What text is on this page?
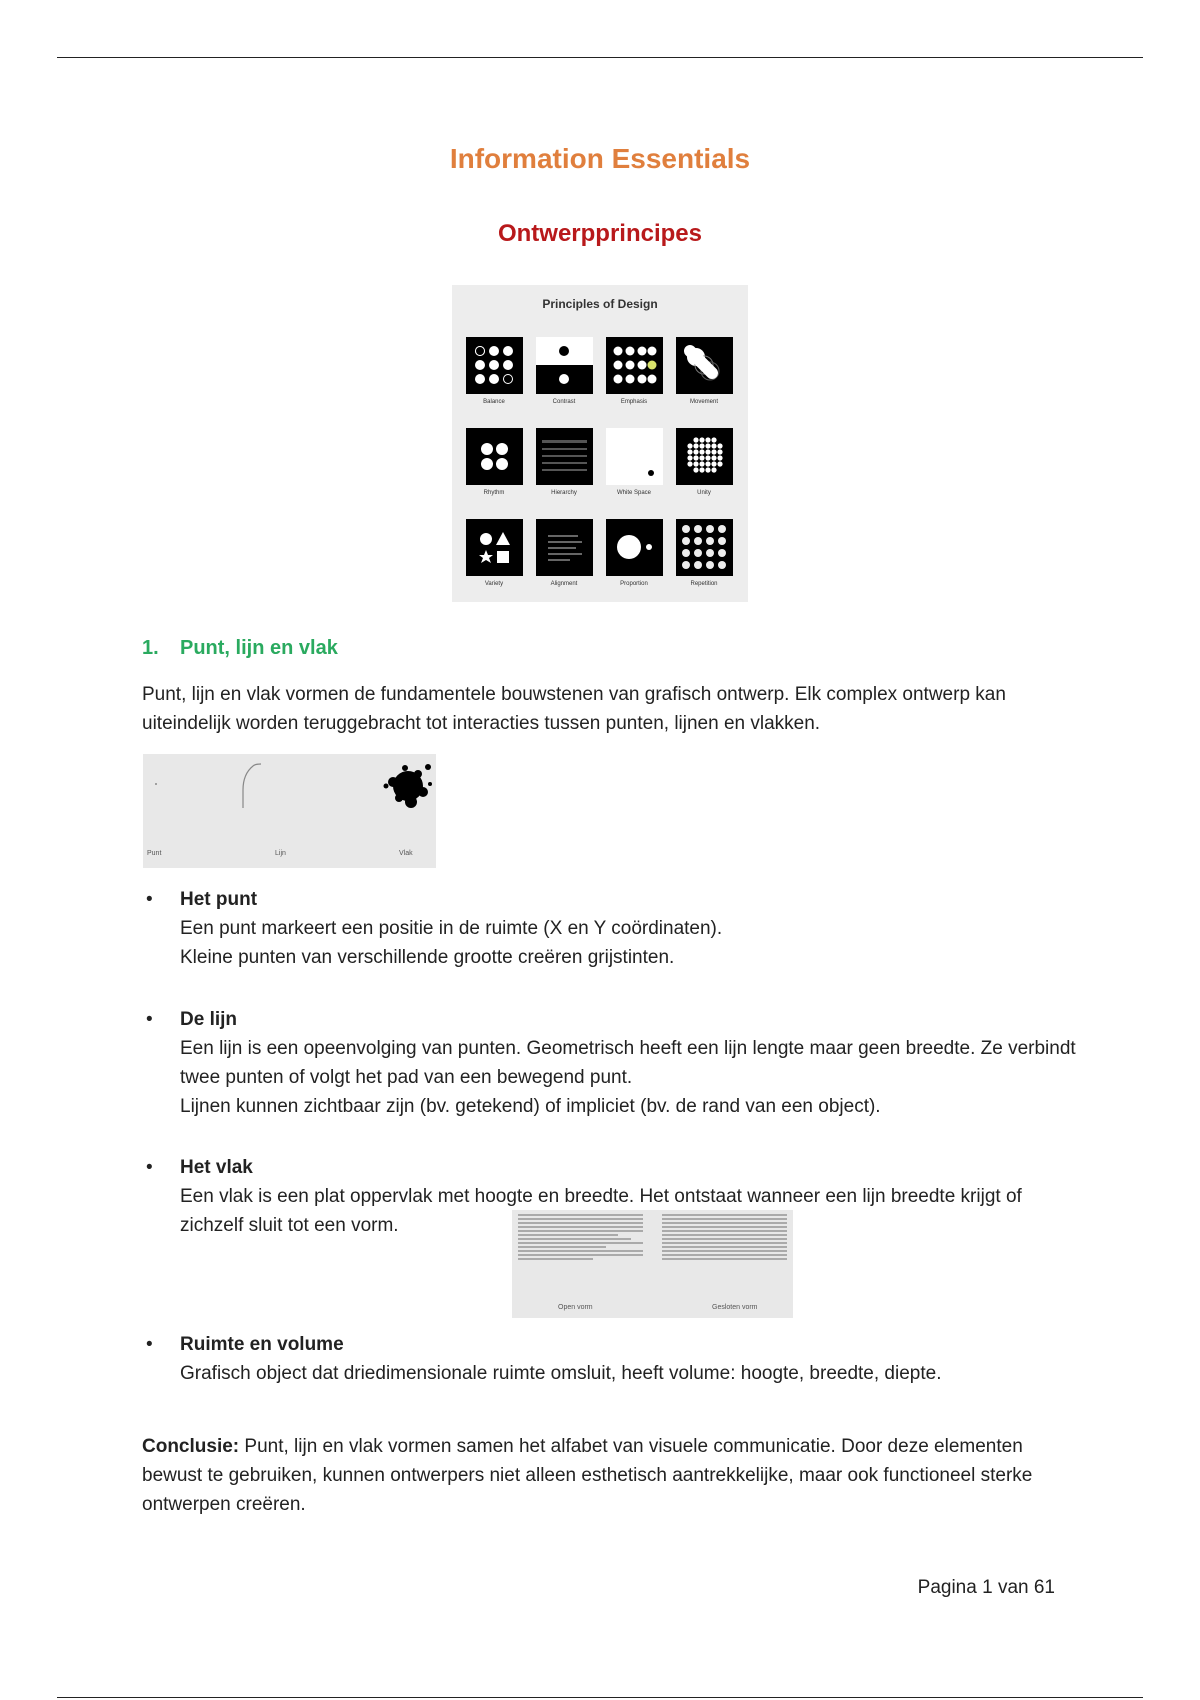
Information Essentials
Ontwerpprincipes
Principles of Design
Balance	Contrast	Emphasis	Movement
Rhythm	Hierarchy	White Space	Unity
Variety	Alignment	Proportion	Repetition
1. Punt, lijn en vlak
Punt, lijn en vlak vormen de fundamentele bouwstenen van grafisch ontwerp. Elk complex ontwerp kan uiteindelijk worden teruggebracht tot interacties tussen punten, lijnen en vlakken.
Punt	Lijn	Vlak
• Het punt
Een punt markeert een positie in de ruimte (X en Y coördinaten).
Kleine punten van verschillende grootte creëren grijstinten.
• De lijn
Een lijn is een opeenvolging van punten. Geometrisch heeft een lijn lengte maar geen breedte. Ze verbindt twee punten of volgt het pad van een bewegend punt.
Lijnen kunnen zichtbaar zijn (bv. getekend) of impliciet (bv. de rand van een object).
• Het vlak
Een vlak is een plat oppervlak met hoogte en breedte. Het ontstaat wanneer een lijn breedte krijgt of zichzelf sluit tot een vorm.
Open vorm	Gesloten vorm
• Ruimte en volume
Grafisch object dat driedimensionale ruimte omsluit, heeft volume: hoogte, breedte, diepte.
Conclusie: Punt, lijn en vlak vormen samen het alfabet van visuele communicatie. Door deze elementen bewust te gebruiken, kunnen ontwerpers niet alleen esthetisch aantrekkelijke, maar ook functioneel sterke ontwerpen creëren.
Pagina 1 van 61
